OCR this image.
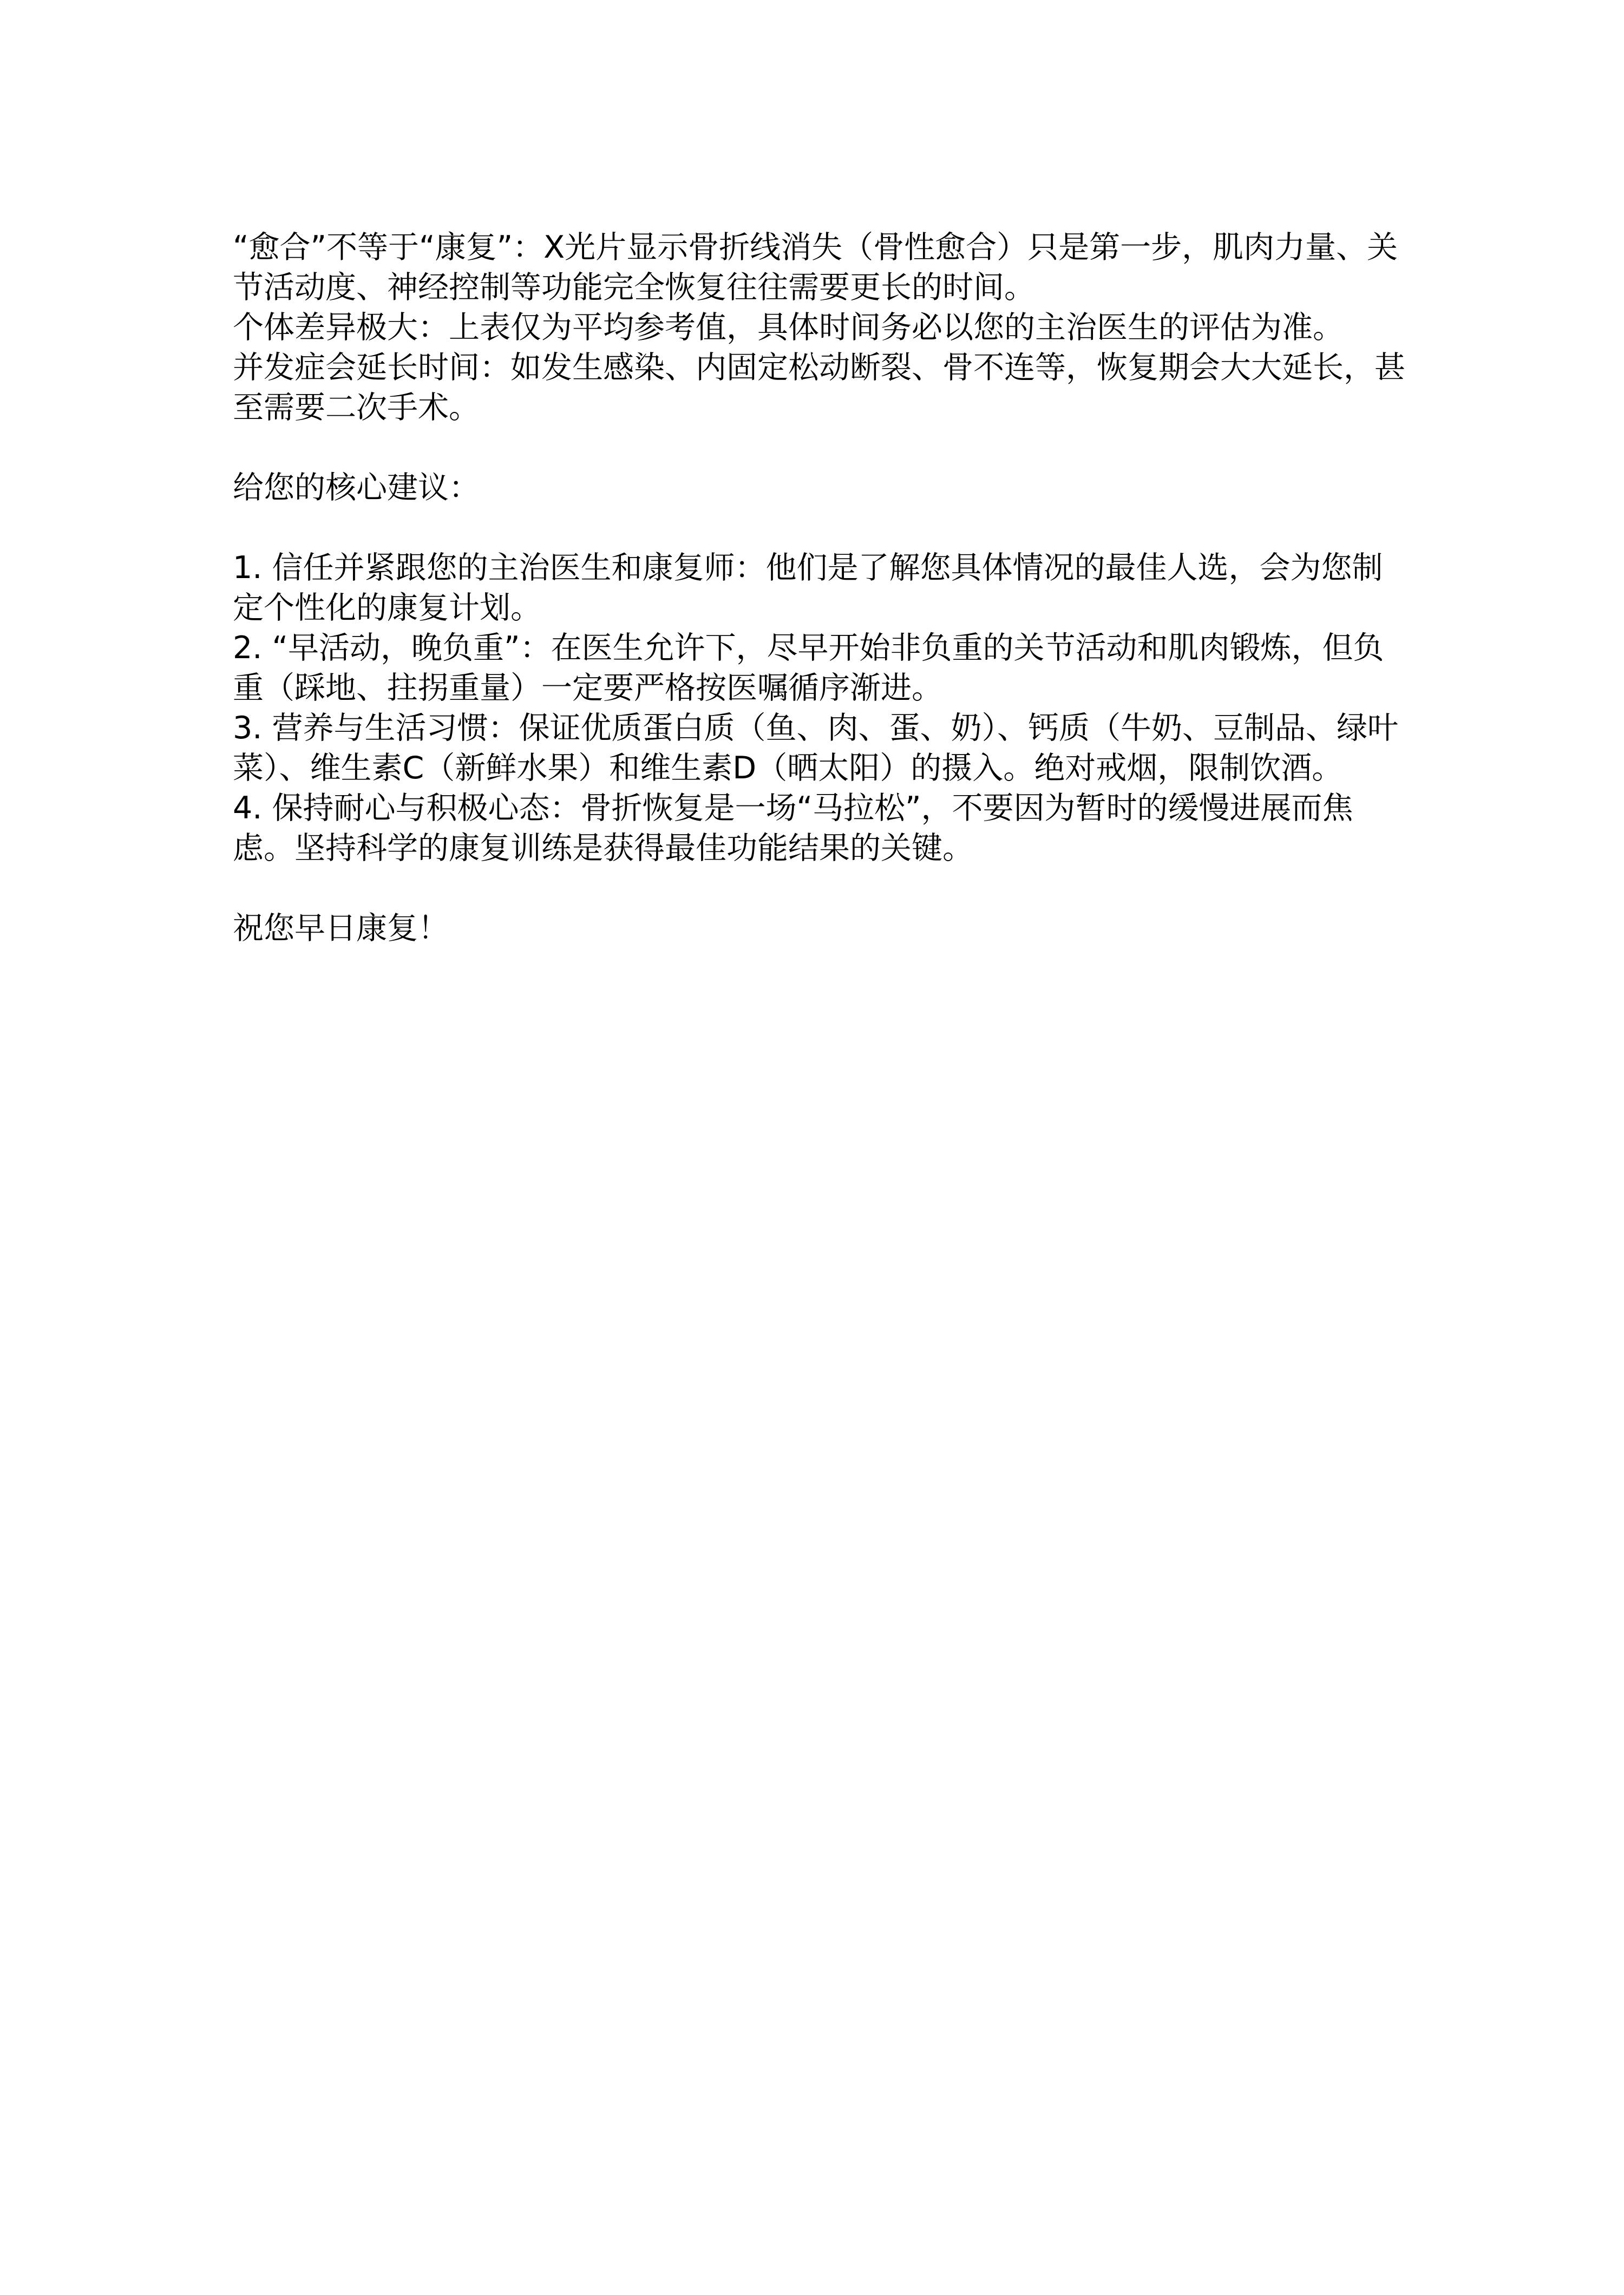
“愈合”不等于“康复”：X光片显示骨折线消失（骨性愈合）只是第一步，肌肉力量、关节活动度、神经控制等功能完全恢复往往需要更长的时间。

个体差异极大：上表仅为平均参考值，具体时间务必以您的主治医生的评估为准。

并发症会延长时间：如发生感染、内固定松动断裂、骨不连等，恢复期会大大延长，甚至需要二次手术。

给您的核心建议：

1. 信任并紧跟您的主治医生和康复师：他们是了解您具体情况的最佳人选，会为您制定个性化的康复计划。

2. “早活动，晚负重”：在医生允许下，尽早开始非负重的关节活动和肌肉锻炼，但负重（踩地、拄拐重量）一定要严格按医嘱循序渐进。

3. 营养与生活习惯：保证优质蛋白质（鱼、肉、蛋、奶）、钙质（牛奶、豆制品、绿叶菜）、维生素C（新鲜水果）和维生素D（晒太阳）的摄入。绝对戒烟，限制饮酒。

4. 保持耐心与积极心态：骨折恢复是一场“马拉松”，不要因为暂时的缓慢进展而焦虑。坚持科学的康复训练是获得最佳功能结果的关键。

祝您早日康复！
